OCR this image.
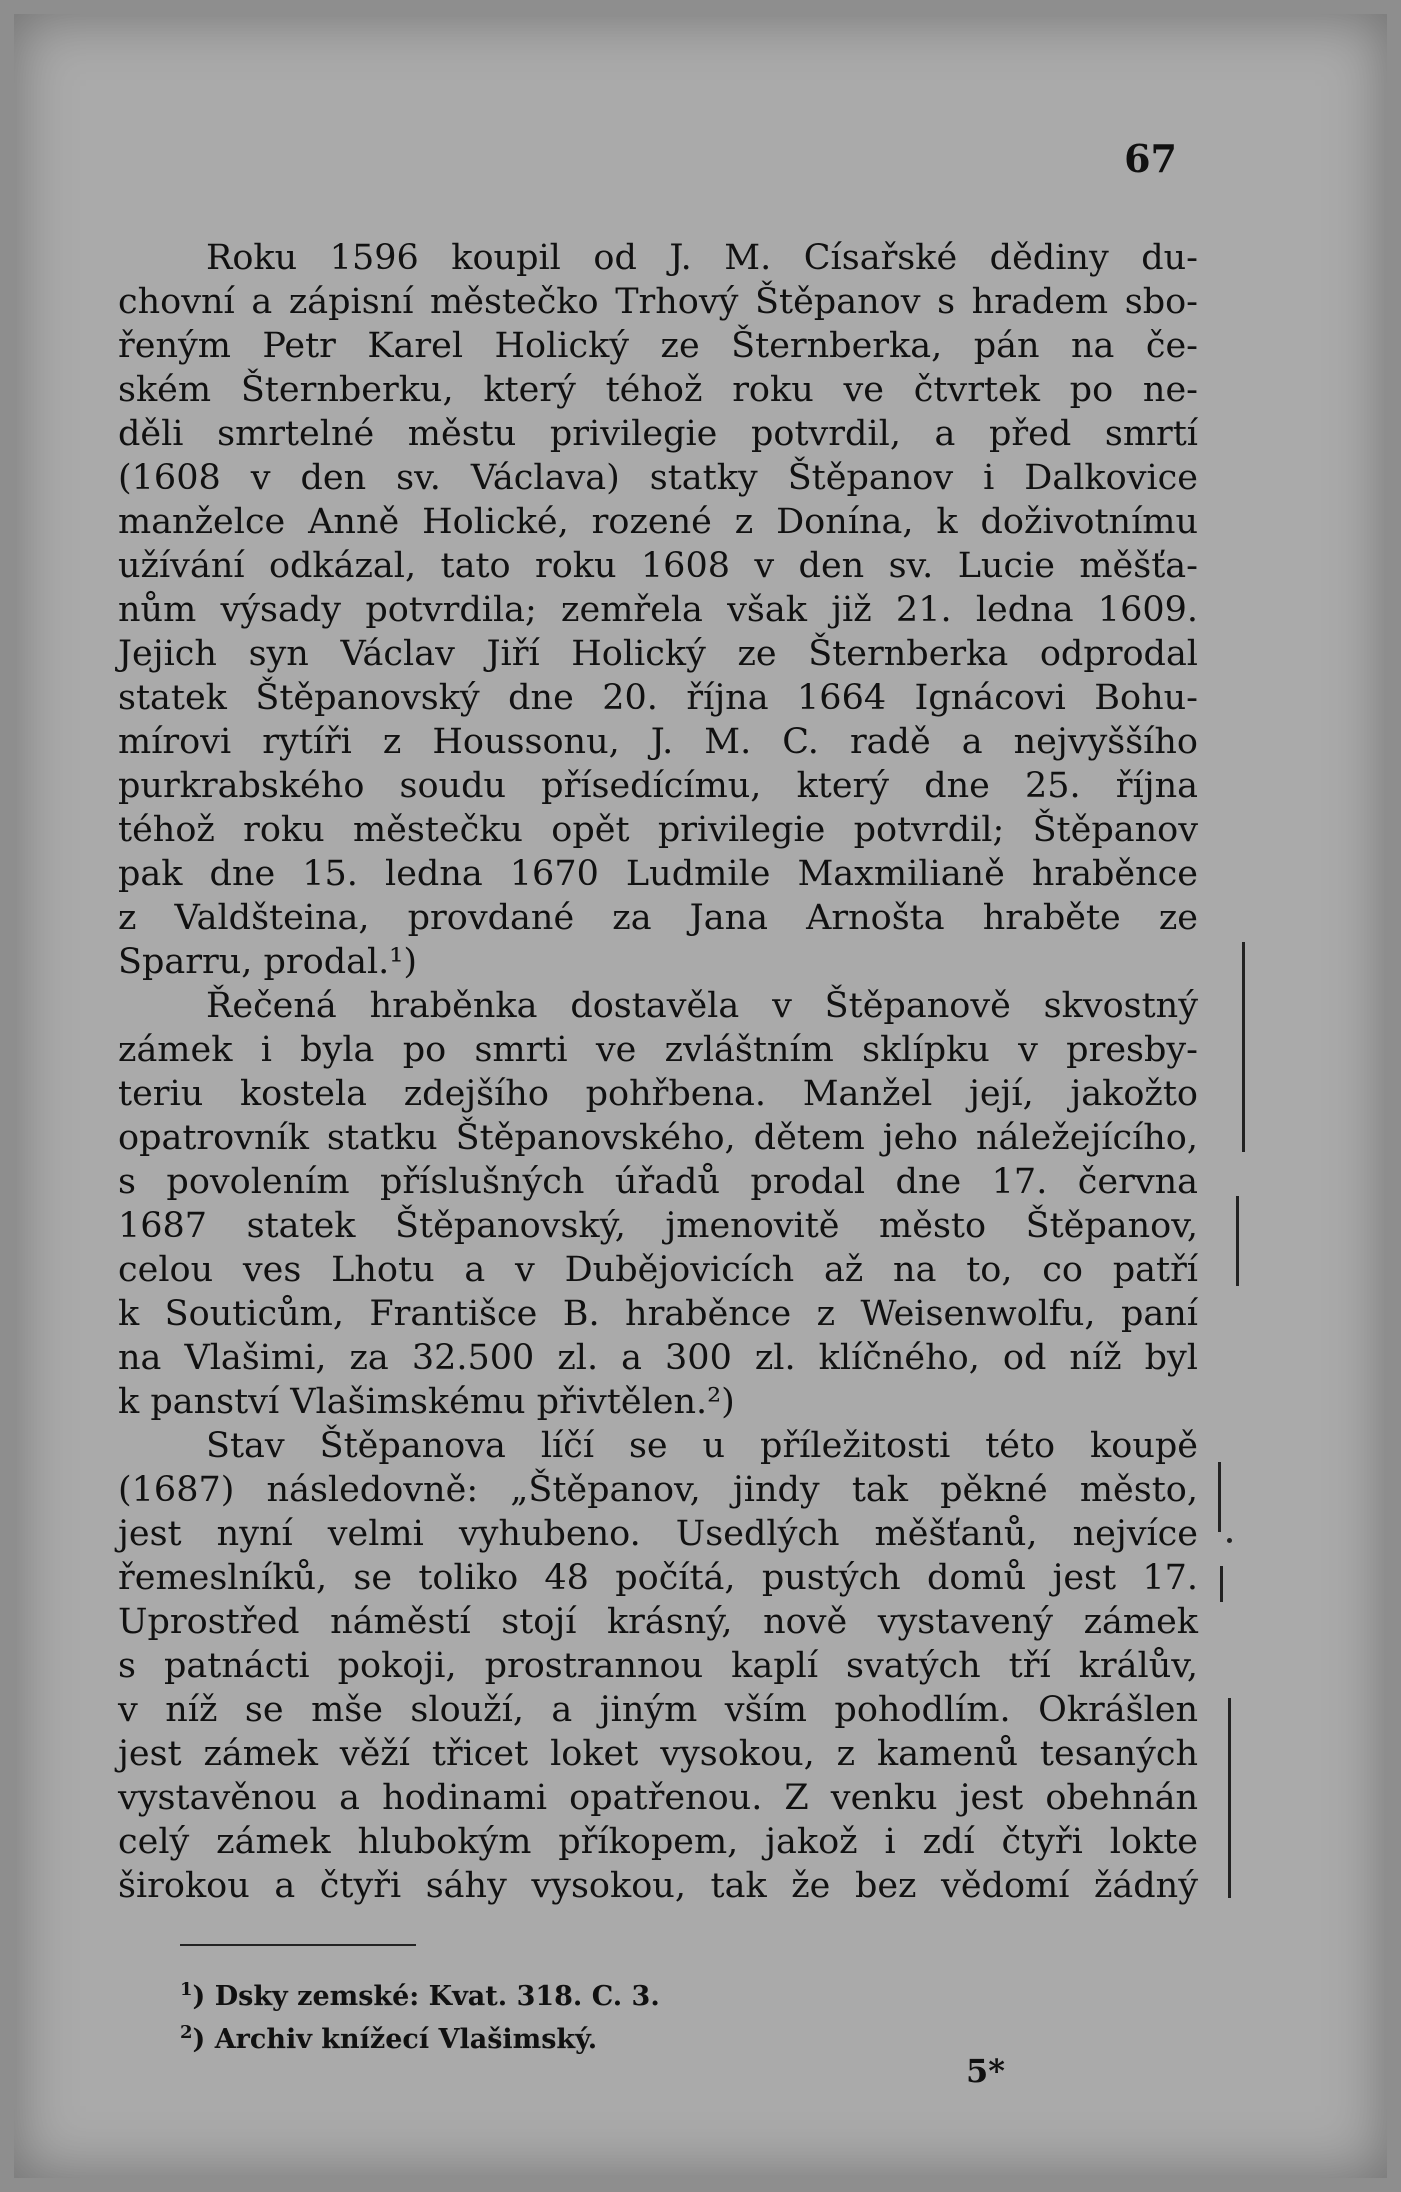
67
Roku 1596 koupil od J. M. Císařské dědiny du-
chovní a zápisní městečko Trhový Štěpanov s hradem sbo-
řeným Petr Karel Holický ze Šternberka, pán na če-
ském Šternberku, který téhož roku ve čtvrtek po ne-
děli smrtelné městu privilegie potvrdil, a před smrtí
(1608 v den sv. Václava) statky Štěpanov i Dalkovice
manželce Anně Holické, rozené z Donína, k doživotnímu
užívání odkázal, tato roku 1608 v den sv. Lucie měšťa-
nům výsady potvrdila; zemřela však již 21. ledna 1609.
Jejich syn Václav Jiří Holický ze Šternberka odprodal
statek Štěpanovský dne 20. října 1664 Ignácovi Bohu-
mírovi rytíři z Houssonu, J. M. C. radě a nejvyššího
purkrabského soudu přísedícímu, který dne 25. října
téhož roku městečku opět privilegie potvrdil; Štěpanov
pak dne 15. ledna 1670 Ludmile Maxmilianě hraběnce
z Valdšteina, provdané za Jana Arnošta hraběte ze
Sparru, prodal.¹)
Řečená hraběnka dostavěla v Štěpanově skvostný
zámek i byla po smrti ve zvláštním sklípku v presby-
teriu kostela zdejšího pohřbena. Manžel její, jakožto
opatrovník statku Štěpanovského, dětem jeho náležejícího,
s povolením příslušných úřadů prodal dne 17. června
1687 statek Štěpanovský, jmenovitě město Štěpanov,
celou ves Lhotu a v Dubějovicích až na to, co patří
k Souticům, Františce B. hraběnce z Weisenwolfu, paní
na Vlašimi, za 32.500 zl. a 300 zl. klíčného, od níž byl
k panství Vlašimskému přivtělen.²)
Stav Štěpanova líčí se u příležitosti této koupě
(1687) následovně: „Štěpanov, jindy tak pěkné město,
jest nyní velmi vyhubeno. Usedlých měšťanů, nejvíce
řemeslníků, se toliko 48 počítá, pustých domů jest 17.
Uprostřed náměstí stojí krásný, nově vystavený zámek
s patnácti pokoji, prostrannou kaplí svatých tří králův,
v níž se mše slouží, a jiným vším pohodlím. Okrášlen
jest zámek věží třicet loket vysokou, z kamenů tesaných
vystavěnou a hodinami opatřenou. Z venku jest obehnán
celý zámek hlubokým příkopem, jakož i zdí čtyři lokte
širokou a čtyři sáhy vysokou, tak že bez vědomí žádný
$^1$) Dsky zemské: Kvat. 318. C. 3.
$^2$) Archiv knížecí Vlašimský.
5*
